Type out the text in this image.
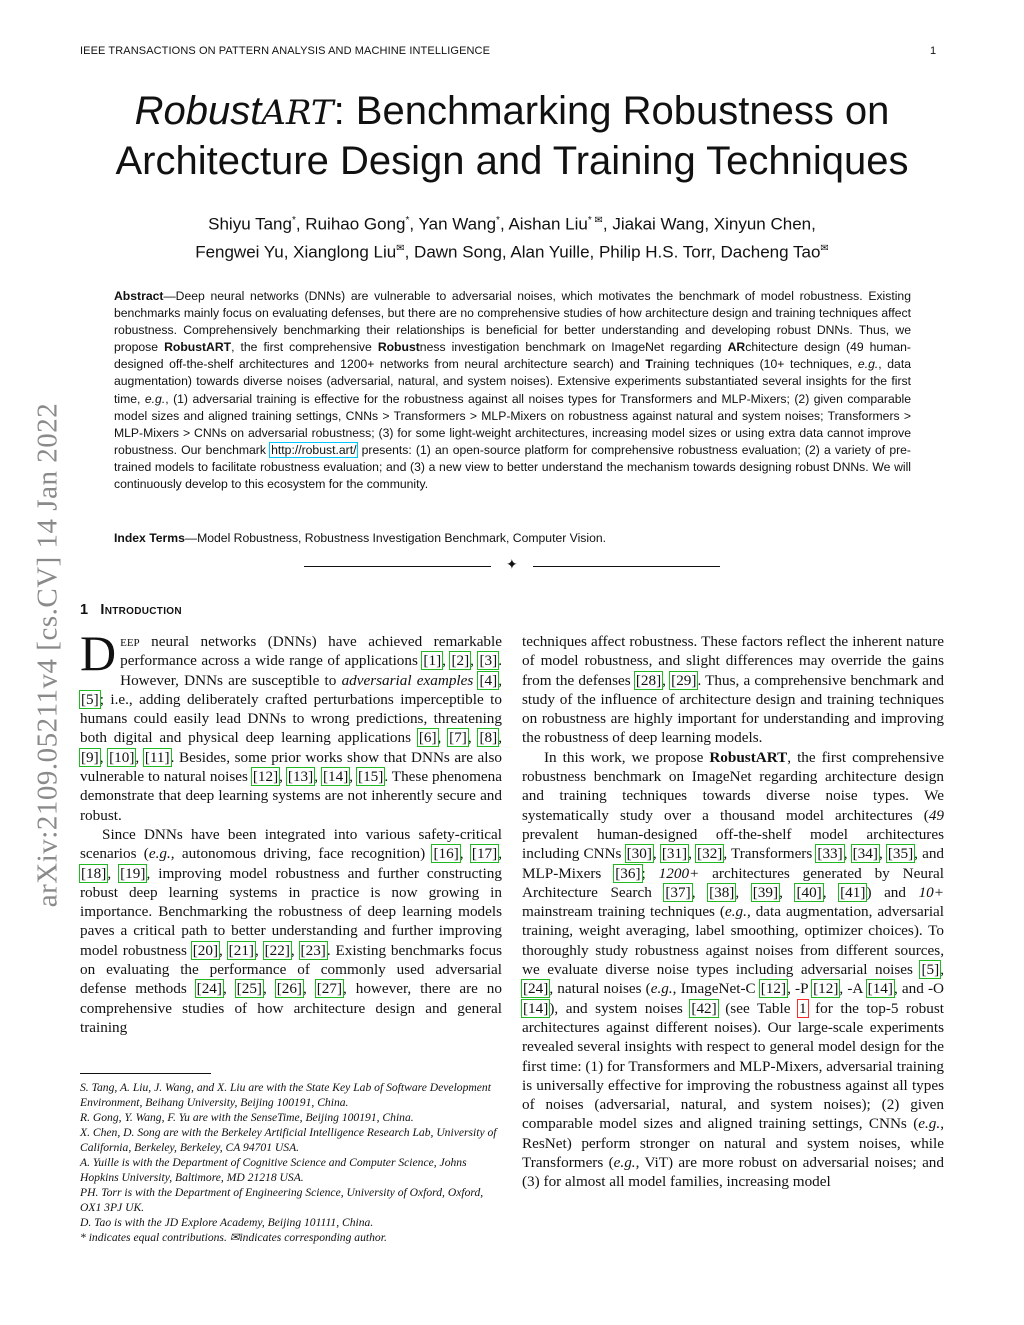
IEEE TRANSACTIONS ON PATTERN ANALYSIS AND MACHINE INTELLIGENCE	1
arXiv:2109.05211v4 [cs.CV] 14 Jan 2022
RobustART: Benchmarking Robustness on
Architecture Design and Training Techniques
Shiyu Tang*, Ruihao Gong*, Yan Wang*, Aishan Liu* ✉, Jiakai Wang, Xinyun Chen,
Fengwei Yu, Xianglong Liu✉, Dawn Song, Alan Yuille, Philip H.S. Torr, Dacheng Tao✉
Abstract—Deep neural networks (DNNs) are vulnerable to adversarial noises, which motivates the benchmark of model robustness. Existing benchmarks mainly focus on evaluating defenses, but there are no comprehensive studies of how architecture design and training techniques affect robustness. Comprehensively benchmarking their relationships is beneficial for better understanding and developing robust DNNs. Thus, we propose RobustART, the first comprehensive Robustness investigation benchmark on ImageNet regarding ARchitecture design (49 human-designed off-the-shelf architectures and 1200+ networks from neural architecture search) and Training techniques (10+ techniques, e.g., data augmentation) towards diverse noises (adversarial, natural, and system noises). Extensive experiments substantiated several insights for the first time, e.g., (1) adversarial training is effective for the robustness against all noises types for Transformers and MLP-Mixers; (2) given comparable model sizes and aligned training settings, CNNs > Transformers > MLP-Mixers on robustness against natural and system noises; Transformers > MLP-Mixers > CNNs on adversarial robustness; (3) for some light-weight architectures, increasing model sizes or using extra data cannot improve robustness. Our benchmark http://robust.art/ presents: (1) an open-source platform for comprehensive robustness evaluation; (2) a variety of pre-trained models to facilitate robustness evaluation; and (3) a new view to better understand the mechanism towards designing robust DNNs. We will continuously develop to this ecosystem for the community.
Index Terms—Model Robustness, Robustness Investigation Benchmark, Computer Vision.
✦
1 Introduction

Deep neural networks (DNNs) have achieved remarkable performance across a wide range of applications [1], [2], [3]. However, DNNs are susceptible to adversarial examples [4], [5]; i.e., adding deliberately crafted perturbations imperceptible to humans could easily lead DNNs to wrong predictions, threatening both digital and physical deep learning applications [6], [7], [8], [9], [10], [11]. Besides, some prior works show that DNNs are also vulnerable to natural noises [12], [13], [14], [15]. These phenomena demonstrate that deep learning systems are not inherently secure and robust.

Since DNNs have been integrated into various safety-critical scenarios (e.g., autonomous driving, face recognition) [16], [17], [18], [19], improving model robustness and further constructing robust deep learning systems in practice is now growing in importance. Benchmarking the robustness of deep learning models paves a critical path to better understanding and further improving model robustness [20], [21], [22], [23]. Existing benchmarks focus on evaluating the performance of commonly used adversarial defense methods [24], [25], [26], [27], however, there are no comprehensive studies of how architecture design and general training

techniques affect robustness. These factors reflect the inherent nature of model robustness, and slight differences may override the gains from the defenses [28], [29]. Thus, a comprehensive benchmark and study of the influence of architecture design and training techniques on robustness are highly important for understanding and improving the robustness of deep learning models.

In this work, we propose RobustART, the first comprehensive robustness benchmark on ImageNet regarding architecture design and training techniques towards diverse noise types. We systematically study over a thousand model architectures (49 prevalent human-designed off-the-shelf model architectures including CNNs [30], [31], [32], Transformers [33], [34], [35], and MLP-Mixers [36]; 1200+ architectures generated by Neural Architecture Search [37], [38], [39], [40], [41]) and 10+ mainstream training techniques (e.g., data augmentation, adversarial training, weight averaging, label smoothing, optimizer choices). To thoroughly study robustness against noises from different sources, we evaluate diverse noise types including adversarial noises [5], [24], natural noises (e.g., ImageNet-C [12], -P [12], -A [14], and -O [14]), and system noises [42] (see Table 1 for the top-5 robust architectures against different noises). Our large-scale experiments revealed several insights with respect to general model design for the first time: (1) for Transformers and MLP-Mixers, adversarial training is universally effective for improving the robustness against all types of noises (adversarial, natural, and system noises); (2) given comparable model sizes and aligned training settings, CNNs (e.g., ResNet) perform stronger on natural and system noises, while Transformers (e.g., ViT) are more robust on adversarial noises; and (3) for almost all model families, increasing model

S. Tang, A. Liu, J. Wang, and X. Liu are with the State Key Lab of Software Development Environment, Beihang University, Beijing 100191, China.
R. Gong, Y. Wang, F. Yu are with the SenseTime, Beijing 100191, China.
X. Chen, D. Song are with the Berkeley Artificial Intelligence Research Lab, University of California, Berkeley, Berkeley, CA 94701 USA.
A. Yuille is with the Department of Cognitive Science and Computer Science, Johns Hopkins University, Baltimore, MD 21218 USA.
PH. Torr is with the Department of Engineering Science, University of Oxford, Oxford, OX1 3PJ UK.
D. Tao is with the JD Explore Academy, Beijing 101111, China.
* indicates equal contributions. ✉indicates corresponding author.
